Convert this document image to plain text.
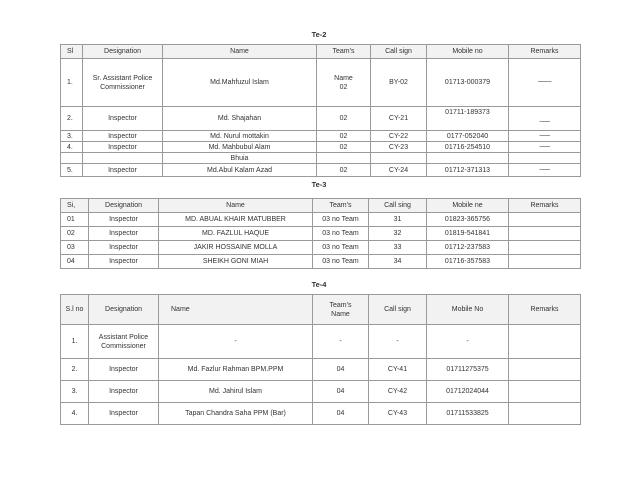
Te-2
Sl	Designation	Name	Team's	Call sign	Mobile no	Remarks
1.	Sr. Assistant Police Commissioner	Md.Mahfuzul Islam	Name 02	BY-02	01713-000379	---------
2.	Inspector	Md. Shajahan	02	CY-21	01711-189373	-------
3.	Inspector	Md. Nurul mottakin	02	CY-22	0177-052040	-------
4.	Inspector	Md. Mahbubul Alam	02	CY-23	01716-254510	-------
		Bhuia				
5.	Inspector	Md.Abul Kalam Azad	02	CY-24	01712-371313	-------
Te-3
Si,	Designation	Name	Team's	Call sing	Mobile ne	Remarks
01	Inspector	MD. ABUAL KHAIR MATUBBER	03 no Team	31	01823-365756	
02	Inspector	MD. FAZLUL HAQUE	03 no Team	32	01819-541841	
03	Inspector	JAKIR HOSSAINE MOLLA	03 no Team	33	01712-237583	
04	Inspector	SHEIKH GONI MIAH	03 no Team	34	01716-357583	
Te-4
S.l no	Designation	Name	Team's Name	Call sign	Mobile No	Remarks
1.	Assistant Police Commissioner	-	-	-	-	
2.	Inspector	Md. Fazlur Rahman BPM.PPM	04	CY-41	01711275375	
3.	Inspector	Md. Jahirul Islam	04	CY-42	01712024044	
4.	Inspector	Tapan Chandra Saha PPM (Bar)	04	CY-43	01711533825	
